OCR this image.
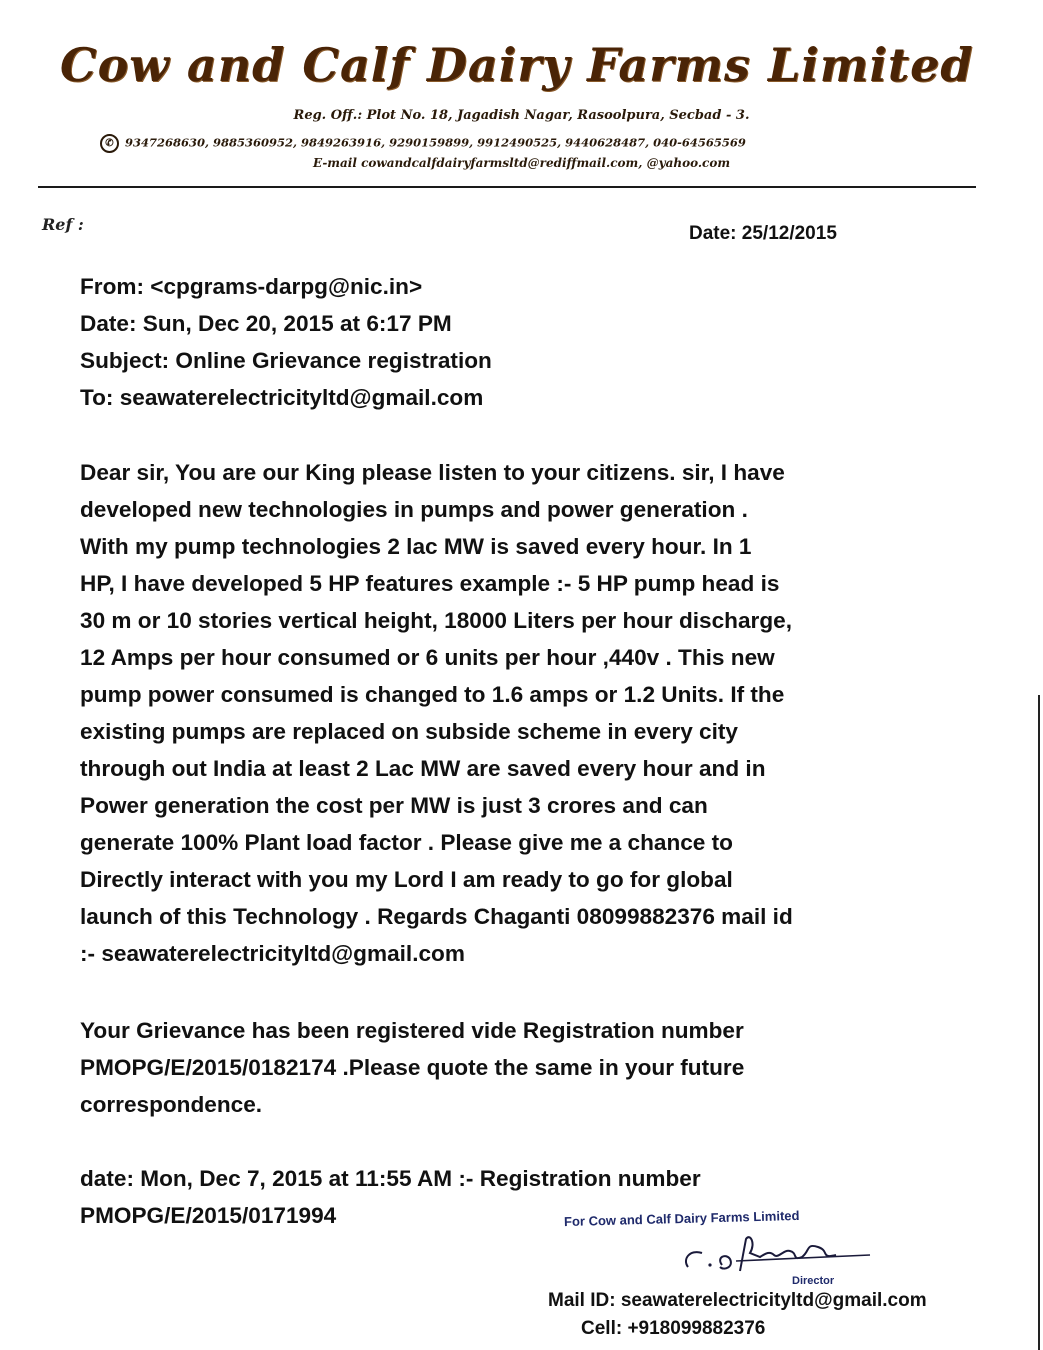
Cow and Calf Dairy Farms Limited
Reg. Off.: Plot No. 18, Jagadish Nagar, Rasoolpura, Secbad - 3.
✆ 9347268630, 9885360952, 9849263916, 9290159899, 9912490525, 9440628487, 040-64565569
E-mail cowandcalfdairyfarmsltd@rediffmail.com, @yahoo.com
Ref :	Date: 25/12/2015
From: <cpgrams-darpg@nic.in>
Date: Sun, Dec 20, 2015 at 6:17 PM
Subject: Online Grievance registration
To: seawaterelectricityltd@gmail.com
Dear sir, You are our King please listen to your citizens. sir, I have
developed new technologies in pumps and power generation .
With my pump technologies 2 lac MW is saved every hour. In 1
HP, I have developed 5 HP features example :- 5 HP pump head is
30 m or 10 stories vertical height, 18000 Liters per hour discharge,
12 Amps per hour consumed or 6 units per hour ,440v . This new
pump power consumed is changed to 1.6 amps or 1.2 Units. If the
existing pumps are replaced on subside scheme in every city
through out India at least 2 Lac MW are saved every hour and in
Power generation the cost per MW is just 3 crores and can
generate 100% Plant load factor . Please give me a chance to
Directly interact with you my Lord I am ready to go for global
launch of this Technology . Regards Chaganti 08099882376 mail id
:- seawaterelectricityltd@gmail.com
Your Grievance has been registered vide Registration number
PMOPG/E/2015/0182174 .Please quote the same in your future
correspondence.
date: Mon, Dec 7, 2015 at 11:55 AM :- Registration number
PMOPG/E/2015/0171994	For Cow and Calf Dairy Farms Limited
Director
Mail ID: seawaterelectricityltd@gmail.com
Cell: +918099882376
